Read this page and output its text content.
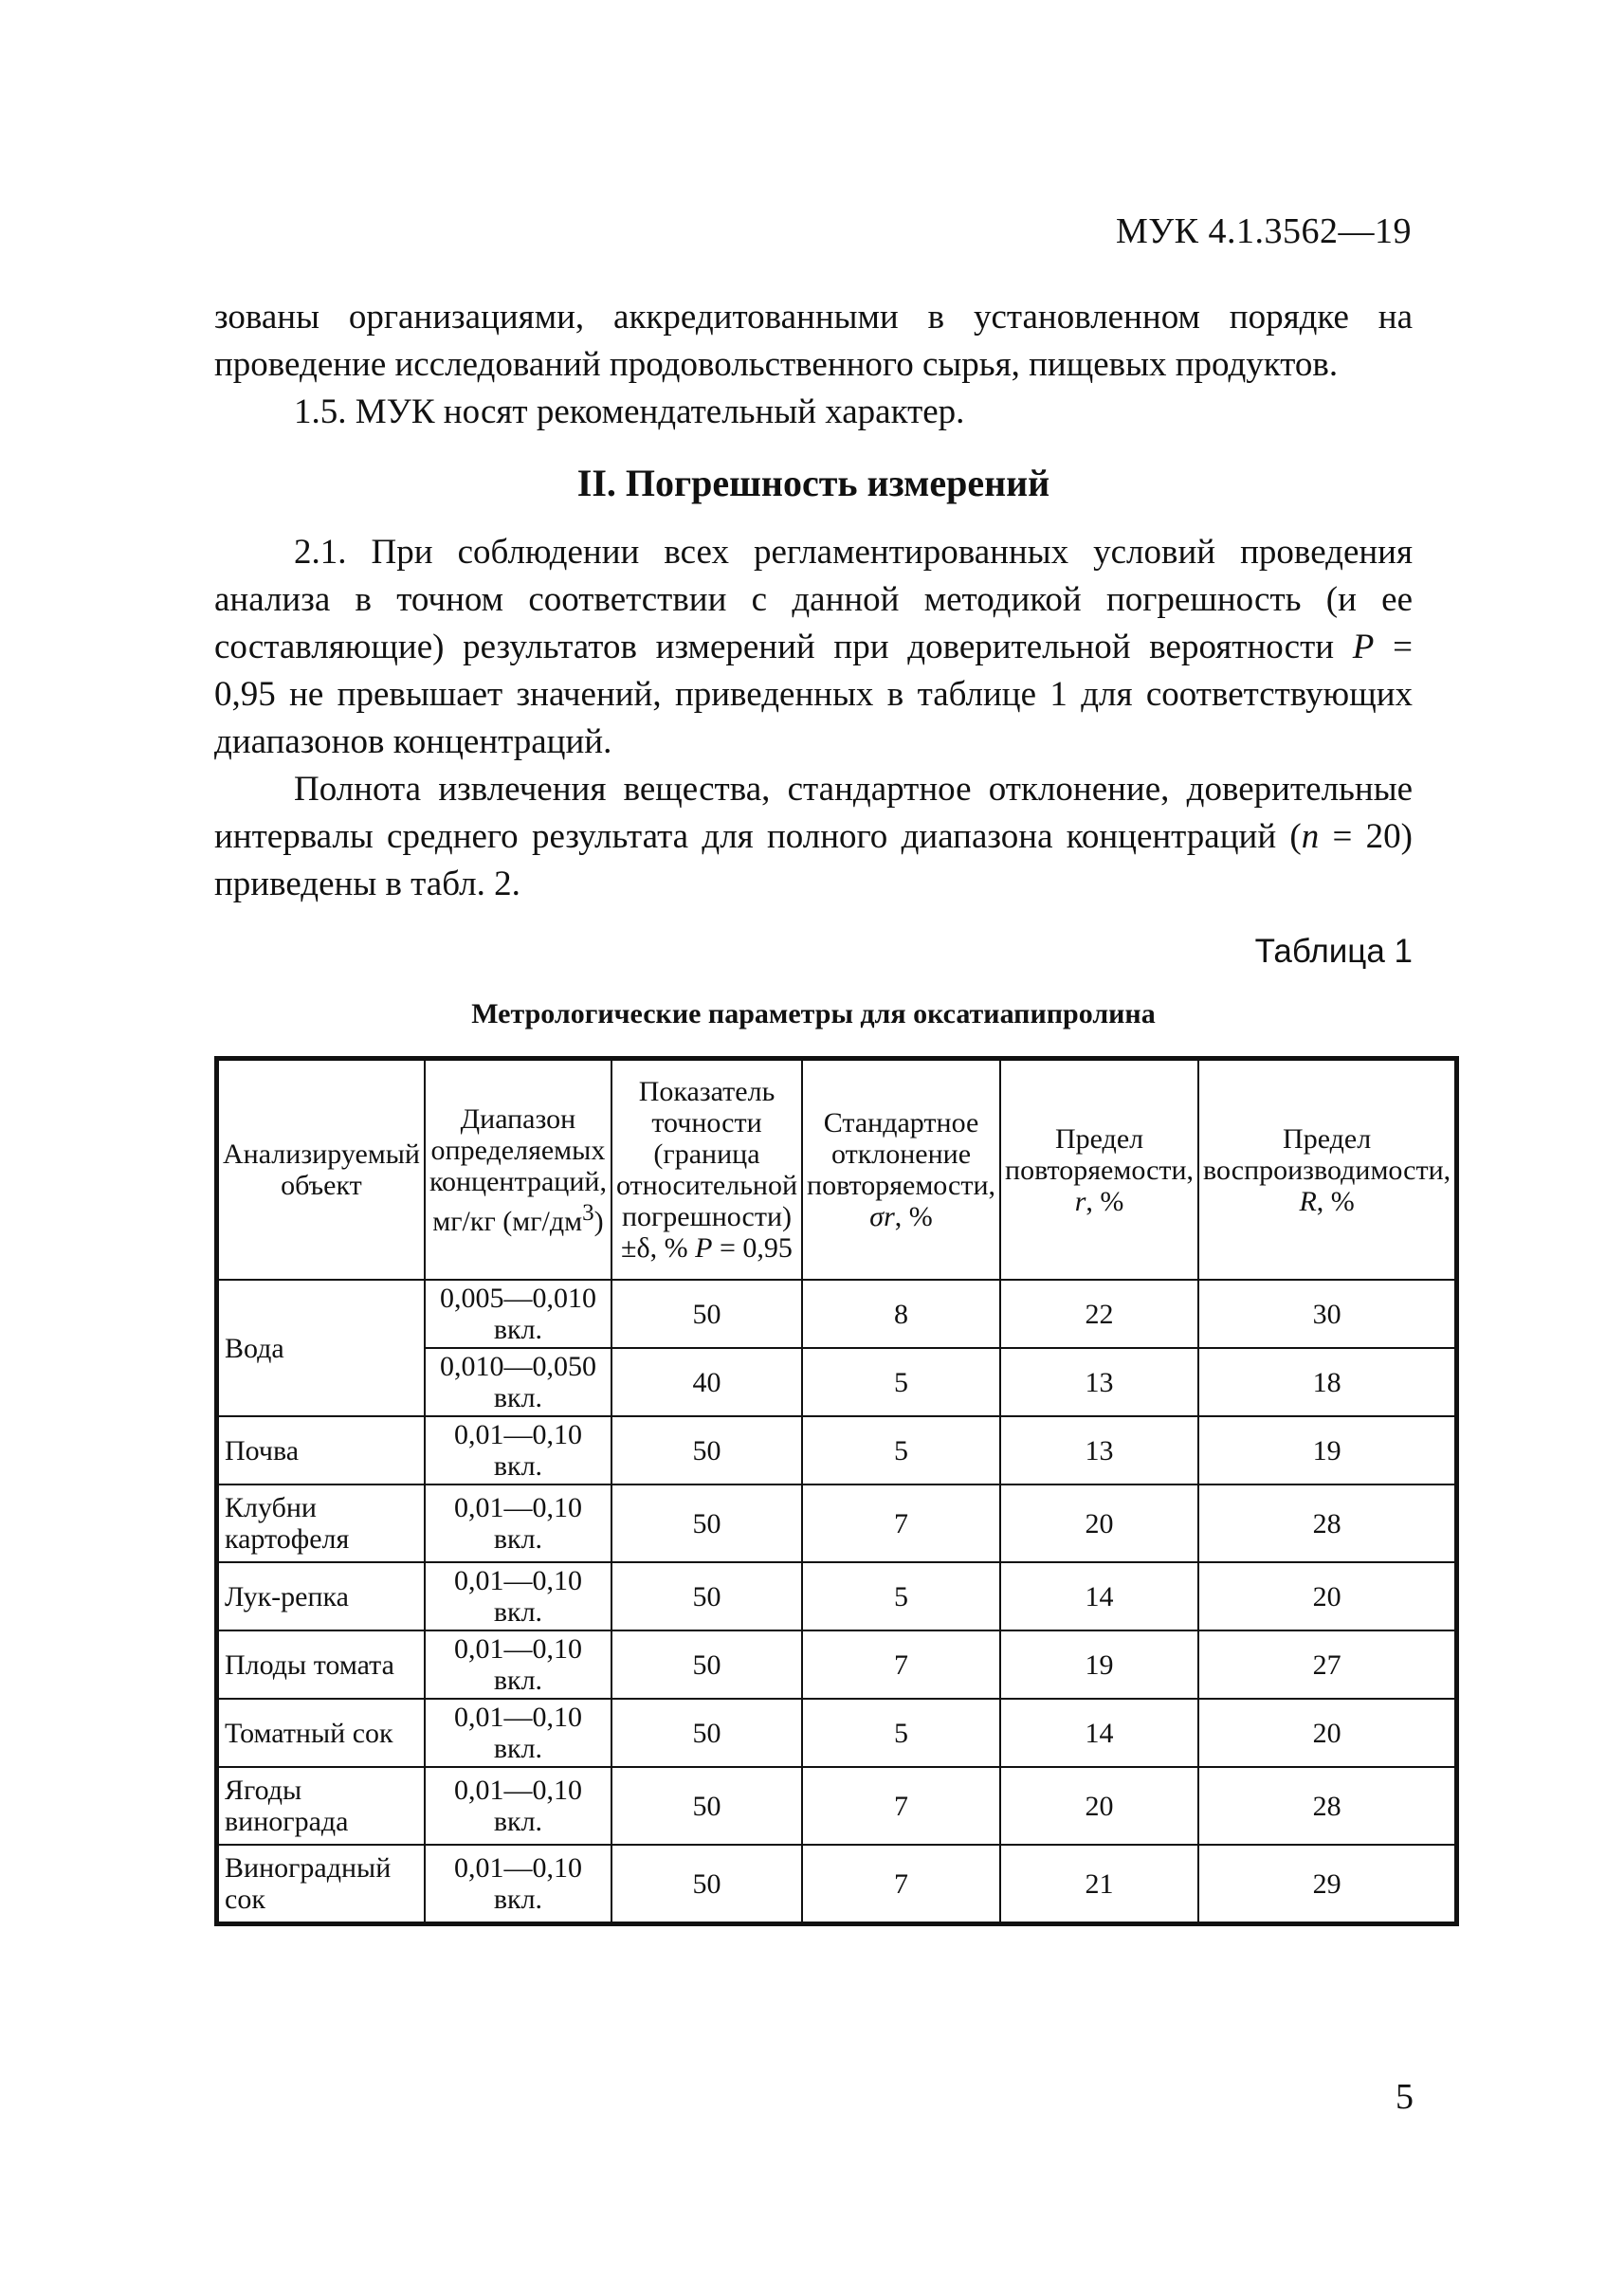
МУК 4.1.3562—19

зованы организациями, аккредитованными в установленном порядке на проведение исследований продовольственного сырья, пищевых продуктов.

1.5. МУК носят рекомендательный характер.

II. Погрешность измерений

2.1. При соблюдении всех регламентированных условий проведения анализа в точном соответствии с данной методикой погрешность (и ее составляющие) результатов измерений при доверительной вероятности P = 0,95 не превышает значений, приведенных в таблице 1 для соответствующих диапазонов концентраций.

Полнота извлечения вещества, стандартное отклонение, доверительные интервалы среднего результата для полного диапазона концентраций (n = 20) приведены в табл. 2.

Таблица 1
Метрологические параметры для оксатиапипролина
Анализируемый объект	Диапазон определяемых концентраций, мг/кг $(мг/дм^3)$	Показатель точности (граница относительной погрешности) ±δ, % P = 0,95	Стандартное отклонение повторяемости, σr, %	Предел повторяемости, r, %	Предел воспроизводимости, R, %
Вода	0,005—0,010 вкл.	50	8	22	30
	0,010—0,050 вкл.	40	5	13	18
Почва	0,01—0,10 вкл.	50	5	13	19
Клубни картофеля	0,01—0,10 вкл.	50	7	20	28
Лук-репка	0,01—0,10 вкл.	50	5	14	20
Плоды томата	0,01—0,10 вкл.	50	7	19	27
Томатный сок	0,01—0,10 вкл.	50	5	14	20
Ягоды винограда	0,01—0,10 вкл.	50	7	20	28
Виноградный сок	0,01—0,10 вкл.	50	7	21	29
5
